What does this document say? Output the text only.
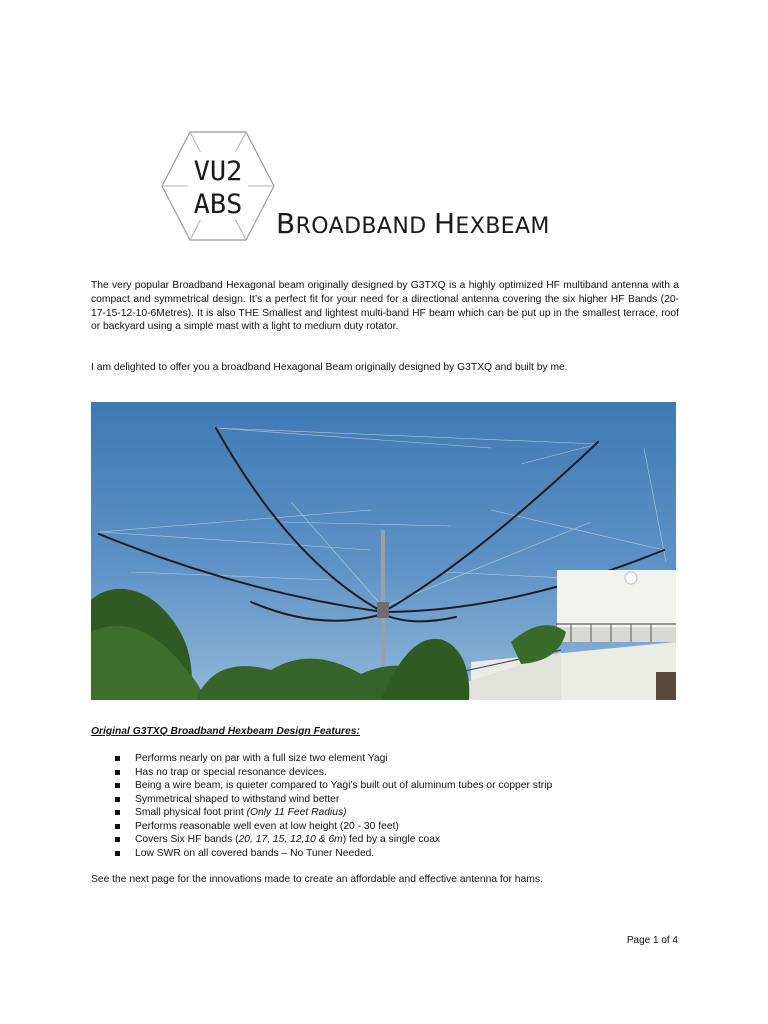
VU2
ABS
BROADBAND HEXBEAM

The very popular Broadband Hexagonal beam originally designed by G3TXQ is a highly optimized HF multiband antenna with a compact and symmetrical design. It’s a perfect fit for your need for a directional antenna covering the six higher HF Bands (20-17-15-12-10-6Metres). It is also THE Smallest and lightest multi-band HF beam which can be put up in the smallest terrace, roof or backyard using a simple mast with a light to medium duty rotator.

I am delighted to offer you a broadband Hexagonal Beam originally designed by G3TXQ and built by me.

Original G3TXQ Broadband Hexbeam Design Features:

Performs nearly on par with a full size two element Yagi
Has no trap or special resonance devices.
Being a wire beam, is quieter compared to Yagi’s built out of aluminum tubes or copper strip
Symmetrical shaped to withstand wind better
Small physical foot print (Only 11 Feet Radius)
Performs reasonable well even at low height (20 - 30 feet)
Covers Six HF bands (20, 17, 15, 12,10 & 6m) fed by a single coax
Low SWR on all covered bands – No Tuner Needed.

See the next page for the innovations made to create an affordable and effective antenna for hams.

Page 1 of 4
